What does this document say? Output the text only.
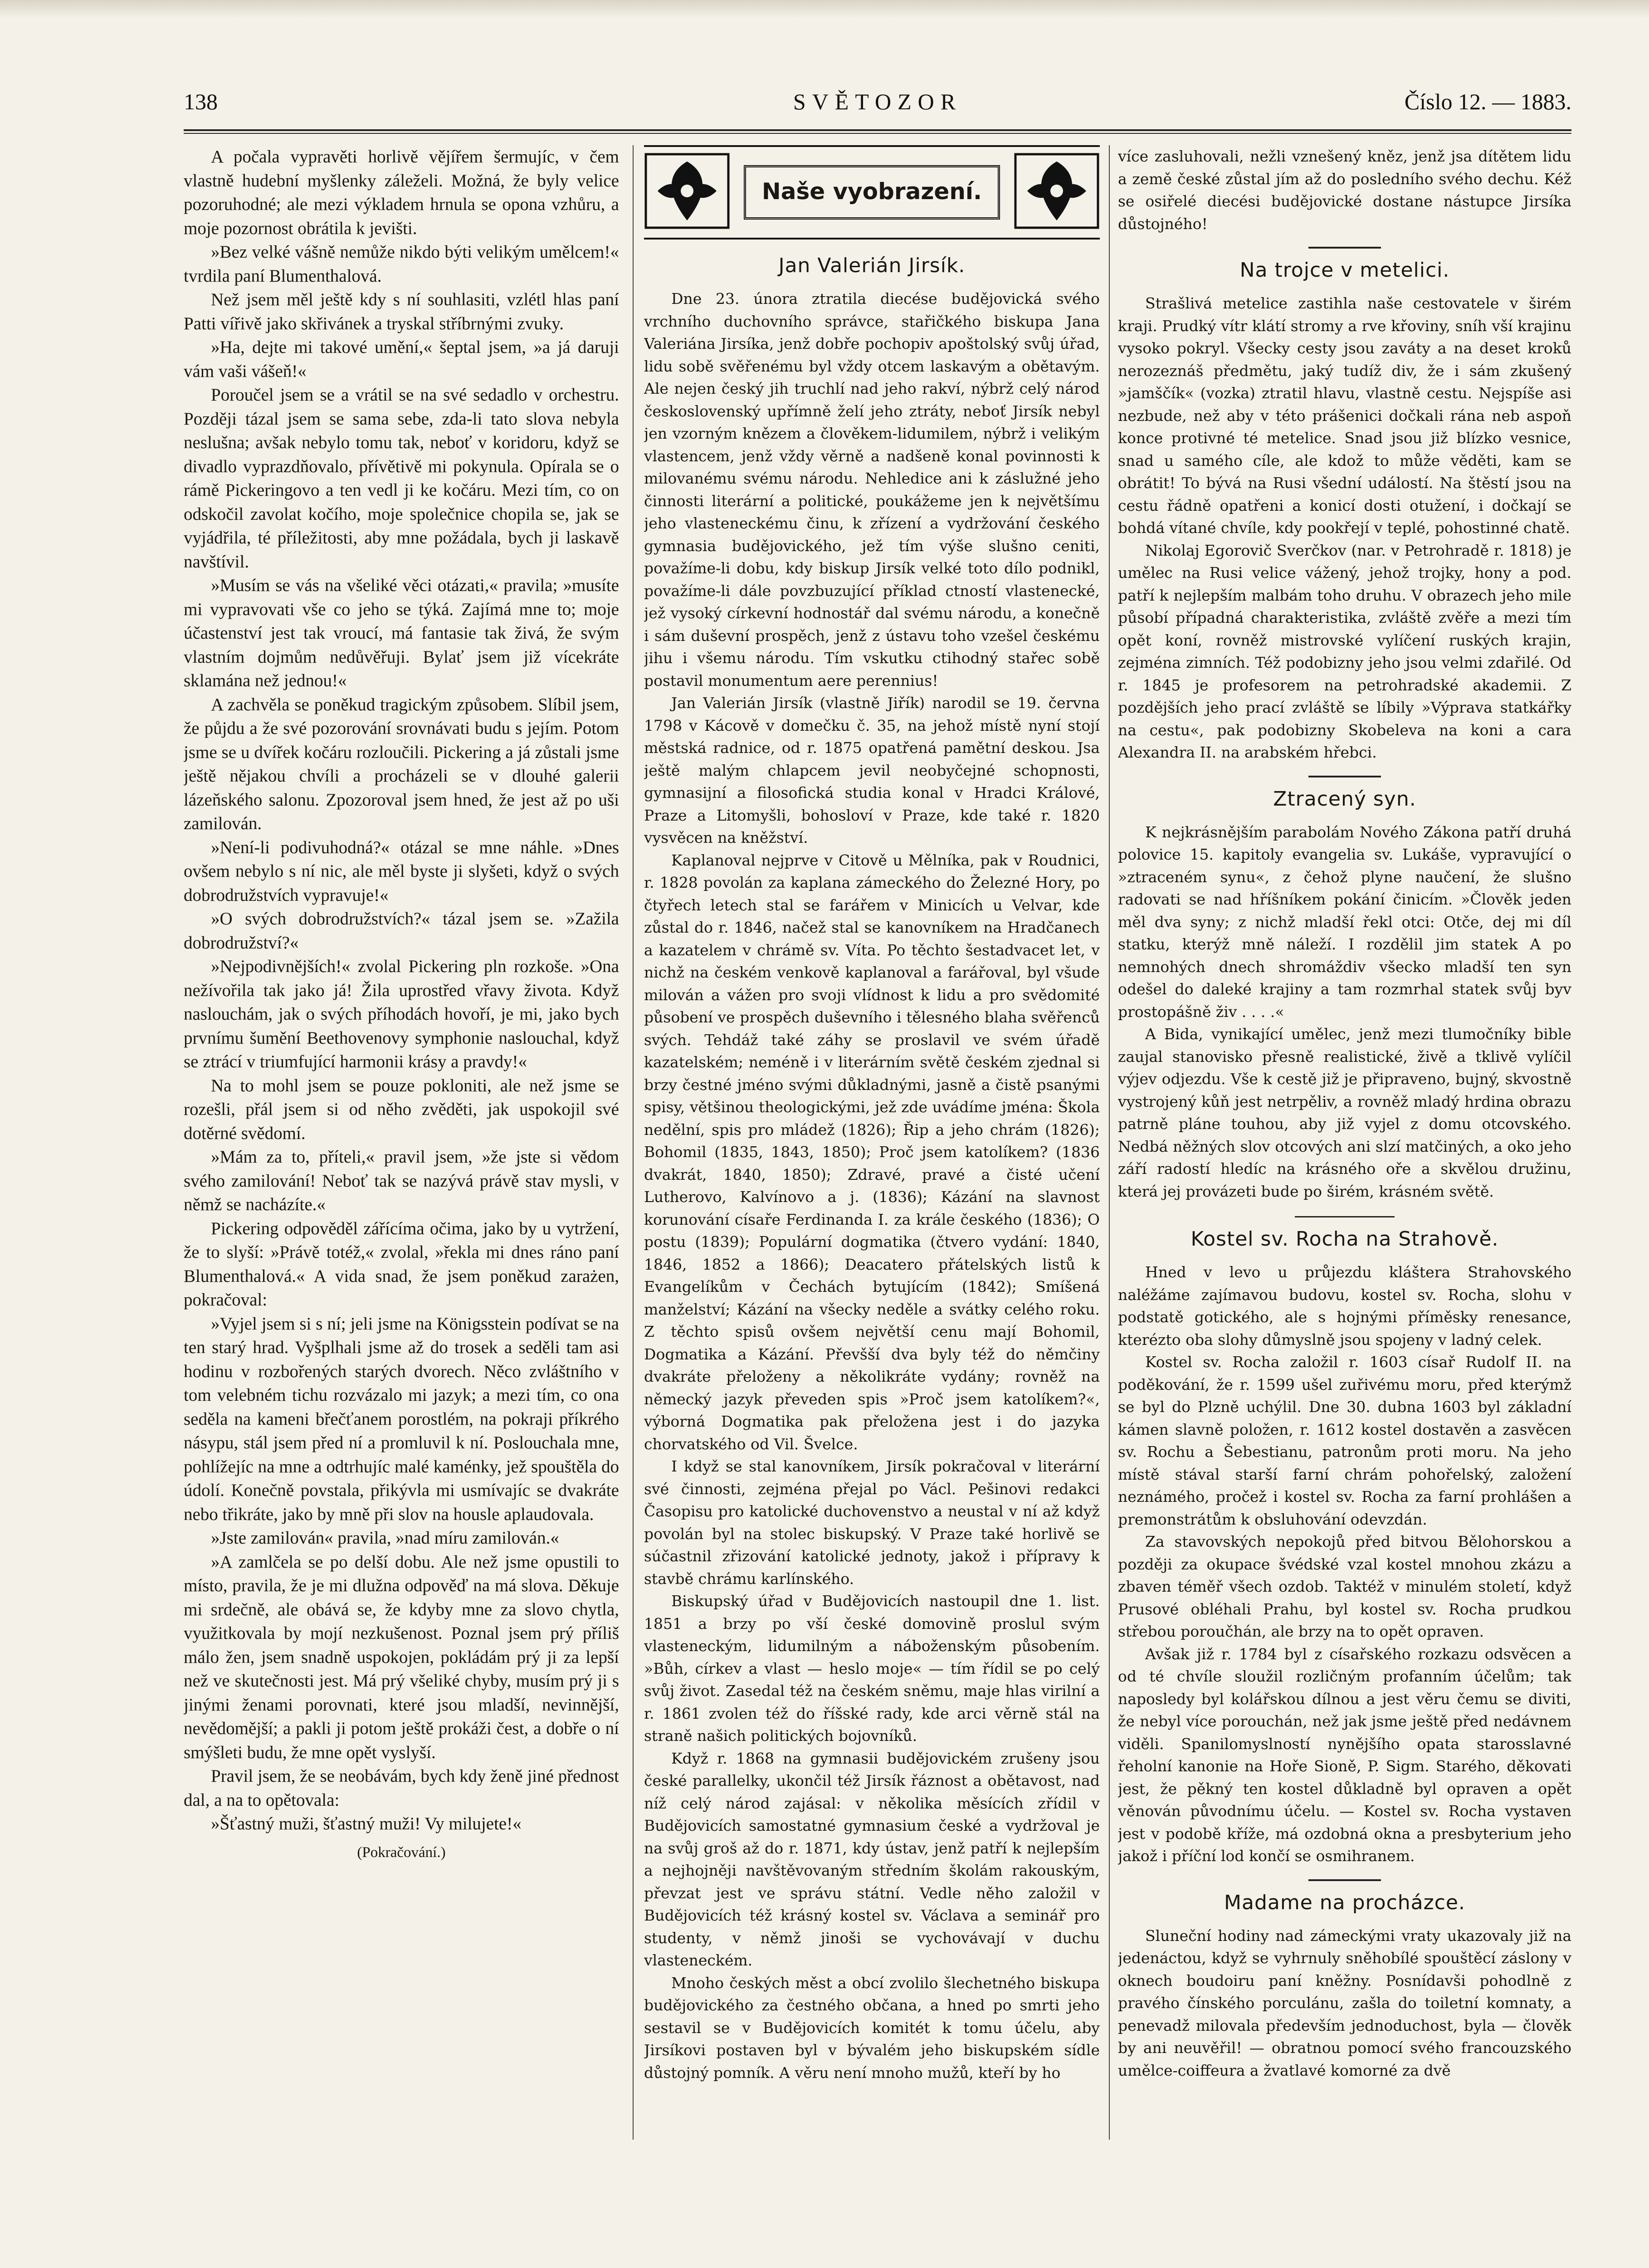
138	SVĚTOZOR	Číslo 12. — 1883.

A počala vypravěti horlivě vějířem šermujíc, v čem vlastně hudební myšlenky záleželi. Možná, že byly velice pozoruhodné; ale mezi výkladem hrnula se opona vzhůru, a moje pozornost obrátila k jevišti.

»Bez velké vášně nemůže nikdo býti velikým umělcem!« tvrdila paní Blumenthalová.

Než jsem měl ještě kdy s ní souhlasiti, vzlétl hlas paní Patti vířivě jako skřivánek a tryskal stříbrnými zvuky.

»Ha, dejte mi takové umění,« šeptal jsem, »a já daruji vám vaši vášeň!«

Poroučel jsem se a vrátil se na své sedadlo v orchestru. Později tázal jsem se sama sebe, zda-li tato slova nebyla neslušna; avšak nebylo tomu tak, neboť v koridoru, když se divadlo vyprazdňovalo, přívětivě mi pokynula. Opírala se o rámě Pickeringovo a ten vedl ji ke kočáru. Mezi tím, co on odskočil zavolat kočího, moje společnice chopila se, jak se vyjádřila, té příležitosti, aby mne požádala, bych ji laskavě navštívil.

»Musím se vás na všeliké věci otázati,« pravila; »musíte mi vypravovati vše co jeho se týká. Zajímá mne to; moje účastenství jest tak vroucí, má fantasie tak živá, že svým vlastním dojmům nedůvěřuji. Bylať jsem již vícekráte sklamána než jednou!«

A zachvěla se poněkud tragickým způsobem. Slíbil jsem, že půjdu a že své pozorování srovnávati budu s jejím. Potom jsme se u dvířek kočáru rozloučili. Pickering a já zůstali jsme ještě nějakou chvíli a procházeli se v dlouhé galerii lázeňského salonu. Zpozoroval jsem hned, že jest až po uši zamilován.

»Není-li podivuhodná?« otázal se mne náhle. »Dnes ovšem nebylo s ní nic, ale měl byste ji slyšeti, když o svých dobrodružstvích vypravuje!«

»O svých dobrodružstvích?« tázal jsem se. »Zažila dobrodružství?«

»Nejpodivnějších!« zvolal Pickering pln rozkoše. »Ona nežívořila tak jako já! Žila uprostřed vřavy života. Když naslouchám, jak o svých příhodách hovoří, je mi, jako bych prvnímu šumění Beethovenovy symphonie naslouchal, když se ztrácí v triumfující harmonii krásy a pravdy!«

Na to mohl jsem se pouze pokloniti, ale než jsme se rozešli, přál jsem si od něho zvěděti, jak uspokojil své dotěrné svědomí.

»Mám za to, příteli,« pravil jsem, »že jste si vědom svého zamilování! Neboť tak se nazývá právě stav mysli, v němž se nacházíte.«

Pickering odpověděl zářícíma očima, jako by u vytržení, že to slyší: »Právě totéž,« zvolal, »řekla mi dnes ráno paní Blumenthalová.« A vida snad, že jsem poněkud zarażen, pokračoval:

»Vyjel jsem si s ní; jeli jsme na Königsstein podívat se na ten starý hrad. Vyšplhali jsme až do trosek a seděli tam asi hodinu v rozbořených starých dvorech. Něco zvláštního v tom velebném tichu rozvázalo mi jazyk; a mezi tím, co ona seděla na kameni břečťanem porostlém, na pokraji příkrého násypu, stál jsem před ní a promluvil k ní. Poslouchala mne, pohlížejíc na mne a odtrhujíc malé kaménky, jež spouštěla do údolí. Konečně povstala, přikývla mi usmívajíc se dvakráte nebo třikráte, jako by mně při slov na housle aplaudovala.

»Jste zamilován« pravila, »nad míru zamilován.«

»A zamlčela se po delší dobu. Ale než jsme opustili to místo, pravila, že je mi dlužna odpověď na má slova. Děkuje mi srdečně, ale obává se, že kdyby mne za slovo chytla, využitkovala by mojí nezkušenost. Poznal jsem prý příliš málo žen, jsem snadně uspokojen, pokládám prý ji za lepší než ve skutečnosti jest. Má prý všeliké chyby, musím prý ji s jinými ženami porovnati, které jsou mladší, nevinnější, nevědomější; a pakli ji potom ještě prokáži čest, a dobře o ní smýšleti budu, že mne opět vyslyší.

Pravil jsem, že se neobávám, bych kdy ženě jiné přednost dal, a na to opětovala:

»Šťastný muži, šťastný muži! Vy milujete!«

(Pokračování.)

Naše vyobrazení.
Jan Valerián Jirsík.

Dne 23. února ztratila diecése budějovická svého vrchního duchovního správce, stařičkého biskupa Jana Valeriána Jirsíka, jenž dobře pochopiv apoštolský svůj úřad, lidu sobě svěřenému byl vždy otcem laskavým a obětavým. Ale nejen český jih truchlí nad jeho rakví, nýbrž celý národ československý upřímně želí jeho ztráty, neboť Jirsík nebyl jen vzorným knězem a člověkem-lidumilem, nýbrž i velikým vlastencem, jenž vždy věrně a nadšeně konal povinnosti k milovanému svému národu. Nehledice ani k záslužné jeho činnosti literární a politické, poukážeme jen k největšímu jeho vlasteneckému činu, k zřízení a vydržování českého gymnasia budějovického, jež tím výše slušno ceniti, považíme-li dobu, kdy biskup Jirsík velké toto dílo podnikl, považíme-li dále povzbuzující příklad ctností vlastenecké, jež vysoký církevní hodnostář dal svému národu, a konečně i sám duševní prospěch, jenž z ústavu toho vzešel českému jihu i všemu národu. Tím vskutku ctihodný stařec sobě postavil monumentum aere perennius!

Jan Valerián Jirsík (vlastně Jiřík) narodil se 19. června 1798 v Kácově v domečku č. 35, na jehož místě nyní stojí městská radnice, od r. 1875 opatřená pamětní deskou. Jsa ještě malým chlapcem jevil neobyčejné schopnosti, gymnasijní a filosofická studia konal v Hradci Králové, Praze a Litomyšli, bohosloví v Praze, kde také r. 1820 vysvěcen na kněžství.

Kaplanoval nejprve v Citově u Mělníka, pak v Roudnici, r. 1828 povolán za kaplana zámeckého do Železné Hory, po čtyřech letech stal se farářem v Minicích u Velvar, kde zůstal do r. 1846, načež stal se kanovníkem na Hradčanech a kazatelem v chrámě sv. Víta. Po těchto šestadvacet let, v nichž na českém venkově kaplanoval a farářoval, byl všude milován a vážen pro svoji vlídnost k lidu a pro svědomité působení ve prospěch duševního i tělesného blaha svěřenců svých. Tehdáž také záhy se proslavil ve svém úřadě kazatelském; neméně i v literárním světě českém zjednal si brzy čestné jméno svými důkladnými, jasně a čistě psanými spisy, většinou theologickými, jež zde uvádíme jména: Škola nedělní, spis pro mládež (1826); Řip a jeho chrám (1826); Bohomil (1835, 1843, 1850); Proč jsem katolíkem? (1836 dvakrát, 1840, 1850); Zdravé, pravé a čisté učení Lutherovo, Kalvínovo a j. (1836); Kázání na slavnost korunování císaře Ferdinanda I. za krále českého (1836); O postu (1839); Populární dogmatika (čtvero vydání: 1840, 1846, 1852 a 1866); Deacatero přátelských listů k Evangelíkům v Čechách bytujícím (1842); Smíšená manželství; Kázání na všecky neděle a svátky celého roku. Z těchto spisů ovšem největší cenu mají Bohomil, Dogmatika a Kázání. Převšší dva byly též do němčiny dvakráte přeloženy a několikráte vydány; rovněž na německý jazyk převeden spis »Proč jsem katolíkem?«, výborná Dogmatika pak přeložena jest i do jazyka chorvatského od Vil. Švelce.

I když se stal kanovníkem, Jirsík pokračoval v literární své činnosti, zejména přejal po Václ. Pešinovi redakci Časopisu pro katolické duchovenstvo a neustal v ní až když povolán byl na stolec biskupský. V Praze také horlivě se súčastnil zřizování katolické jednoty, jakož i přípravy k stavbě chrámu karlínského.

Biskupský úřad v Budějovicích nastoupil dne 1. list. 1851 a brzy po vší české domovině proslul svým vlasteneckým, lidumilným a náboženským působením. »Bůh, církev a vlast — heslo moje« — tím řídil se po celý svůj život. Zasedal též na českém sněmu, maje hlas virilní a r. 1861 zvolen též do říšské rady, kde arci věrně stál na straně našich politických bojovníků.

Když r. 1868 na gymnasii budějovickém zrušeny jsou české parallelky, ukončil též Jirsík řáznost a obětavost, nad níž celý národ zajásal: v několika měsících zřídil v Budějovicích samostatné gymnasium české a vydržoval je na svůj groš až do r. 1871, kdy ústav, jenž patří k nejlepším a nejhojněji navštěvovaným středním školám rakouským, převzat jest ve správu státní. Vedle něho založil v Budějovicích též krásný kostel sv. Václava a seminář pro studenty, v němž jinoši se vychovávají v duchu vlasteneckém.

Mnoho českých měst a obcí zvolilo šlechetného biskupa budějovického za čestného občana, a hned po smrti jeho sestavil se v Budějovicích komitét k tomu účelu, aby Jirsíkovi postaven byl v bývalém jeho biskupském sídle důstojný pomník. A věru není mnoho mužů, kteří by ho

více zasluhovali, nežli vznešený kněz, jenž jsa dítětem lidu a země české zůstal jím až do posledního svého dechu. Kéž se osiřelé diecési budějovické dostane nástupce Jirsíka důstojného!

Na trojce v metelici.

Strašlivá metelice zastihla naše cestovatele v širém kraji. Prudký vítr klátí stromy a rve křoviny, sníh vší krajinu vysoko pokryl. Všecky cesty jsou zaváty a na deset kroků nerozeznáš předmětu, jaký tudíž div, že i sám zkušený »jamščík« (vozka) ztratil hlavu, vlastně cestu. Nejspíše asi nezbude, než aby v této prášenici dočkali rána neb aspoň konce protivné té metelice. Snad jsou již blízko vesnice, snad u samého cíle, ale kdož to může věděti, kam se obrátit! To bývá na Rusi všední událostí. Na štěstí jsou na cestu řádně opatřeni a konicí dosti otužení, i dočkají se bohdá vítané chvíle, kdy pookřejí v teplé, pohostinné chatě.

Nikolaj Egorovič Sverčkov (nar. v Petrohradě r. 1818) je umělec na Rusi velice vážený, jehož trojky, hony a pod. patří k nejlepším malbám toho druhu. V obrazech jeho mile působí případná charakteristika, zvláště zvěře a mezi tím opět koní, rovněž mistrovské vylíčení ruských krajin, zejména zimních. Též podobizny jeho jsou velmi zdařilé. Od r. 1845 je profesorem na petrohradské akademii. Z pozdějších jeho prací zvláště se líbily »Výprava statkářky na cestu«, pak podobizny Skobeleva na koni a cara Alexandra II. na arabském hřebci.

Ztracený syn.

K nejkrásnějším parabolám Nového Zákona patří druhá polovice 15. kapitoly evangelia sv. Lukáše, vypravující o »ztraceném synu«, z čehož plyne naučení, že slušno radovati se nad hříšníkem pokání činicím. »Člověk jeden měl dva syny; z nichž mladší řekl otci: Otče, dej mi díl statku, kterýž mně náleží. I rozdělil jim statek A po nemnohých dnech shromáždiv všecko mladší ten syn odešel do daleké krajiny a tam rozmrhal statek svůj byv prostopášně živ . . . .«

A Bida, vynikající umělec, jenž mezi tlumočníky bible zaujal stanovisko přesně realistické, živě a tklivě vylíčil výjev odjezdu. Vše k cestě již je připraveno, bujný, skvostně vystrojený kůň jest netrpěliv, a rovněž mladý hrdina obrazu patrně pláne touhou, aby již vyjel z domu otcovského. Nedbá něžných slov otcových ani slzí matčiných, a oko jeho září radostí hledíc na krásného oře a skvělou družinu, která jej provázeti bude po širém, krásném světě.

Kostel sv. Rocha na Strahově.

Hned v levo u průjezdu kláštera Strahovského naléžáme zajímavou budovu, kostel sv. Rocha, slohu v podstatě gotického, ale s hojnými příměsky renesance, kterézto oba slohy důmyslně jsou spojeny v ladný celek.

Kostel sv. Rocha založil r. 1603 císař Rudolf II. na poděkování, že r. 1599 ušel zuřivému moru, před kterýmž se byl do Plzně uchýlil. Dne 30. dubna 1603 byl základní kámen slavně položen, r. 1612 kostel dostavěn a zasvěcen sv. Rochu a Šebestianu, patronům proti moru. Na jeho místě stával starší farní chrám pohořelský, založení neznámého, pročež i kostel sv. Rocha za farní prohlášen a premonstrátům k obsluhování odevzdán.

Za stavovských nepokojů před bitvou Bělohorskou a později za okupace švédské vzal kostel mnohou zkázu a zbaven téměř všech ozdob. Taktéž v minulém století, když Prusové obléhali Prahu, byl kostel sv. Rocha prudkou střebou poroučhán, ale brzy na to opět opraven.

Avšak již r. 1784 byl z císařského rozkazu odsvěcen a od té chvíle sloužil rozličným profanním účelům; tak naposledy byl kolářskou dílnou a jest věru čemu se diviti, že nebyl více porouchán, než jak jsme ještě před nedávnem viděli. Spanilomyslností nynějšího opata starosslavné řeholní kanonie na Hoře Sioně, P. Sigm. Starého, děkovati jest, že pěkný ten kostel důkladně byl opraven a opět věnován původnímu účelu. — Kostel sv. Rocha vystaven jest v podobě kříže, má ozdobná okna a presbyterium jeho jakož i příční lod končí se osmihranem.

Madame na procházce.

Sluneční hodiny nad zámeckými vraty ukazovaly již na jedenáctou, když se vyhrnuly sněhobílé spouštěcí záslony v oknech boudoiru paní kněžny. Posnídavši pohodlně z pravého čínského porculánu, zašla do toiletní komnaty, a penevadž milovala především jednoduchost, byla — člověk by ani neuvěřil! — obratnou pomocí svého francouzského umělce-coiffeura a žvatlavé komorné za dvě
